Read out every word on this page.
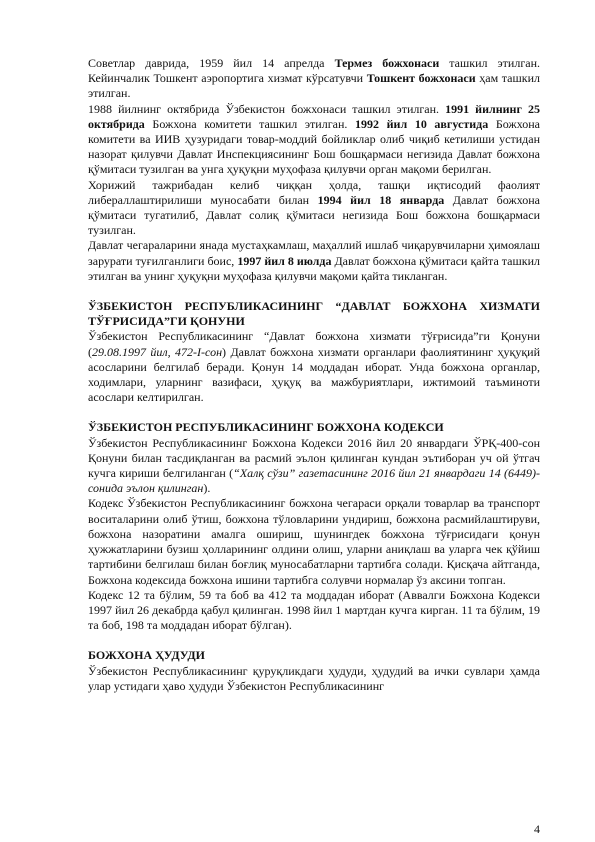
Советлар даврида, 1959 йил 14 апрелда Термез божхонаси ташкил этилган. Кейинчалик Тошкент аэропортига хизмат кўрсатувчи Тошкент божхонаси ҳам ташкил этилган.

1988 йилнинг октябрида Ўзбекистон божхонаси ташкил этилган. 1991 йилнинг 25 октябрида Божхона комитети ташкил этилган. 1992 йил 10 августида Божхона комитети ва ИИВ ҳузуридаги товар-моддий бойликлар олиб чиқиб кетилиши устидан назорат қилувчи Давлат Инспекциясининг Бош бошқармаси негизида Давлат божхона қўмитаси тузилган ва унга ҳуқуқни муҳофаза қилувчи орган мақоми берилган.

Хорижий тажрибадан келиб чиққан ҳолда, ташқи иқтисодий фаолият либераллаштирилиши муносабати билан 1994 йил 18 январда Давлат божхона қўмитаси тугатилиб, Давлат солиқ қўмитаси негизида Бош божхона бошқармаси тузилган.

Давлат чегараларини янада мустаҳкамлаш, маҳаллий ишлаб чиқарувчиларни ҳимоялаш зарурати туғилганлиги боис, 1997 йил 8 июлда Давлат божхона қўмитаси қайта ташкил этилган ва унинг ҳуқуқни муҳофаза қилувчи мақоми қайта тикланган.

ЎЗБЕКИСТОН РЕСПУБЛИКАСИНИНГ “ДАВЛАТ БОЖХОНА ХИЗМАТИ ТЎҒРИСИДА”ГИ ҚОНУНИ

Ўзбекистон Республикасининг “Давлат божхона хизмати тўғрисида”ги Қонуни (29.08.1997 йил, 472-I-сон) Давлат божхона хизмати органлари фаолиятининг ҳуқуқий асосларини белгилаб беради. Қонун 14 моддадан иборат. Унда божхона органлар, ходимлари, уларнинг вазифаси, ҳуқуқ ва мажбуриятлари, ижтимоий таъминоти асослари келтирилган.

ЎЗБЕКИСТОН РЕСПУБЛИКАСИНИНГ БОЖХОНА КОДЕКСИ

Ўзбекистон Республикасининг Божхона Кодекси 2016 йил 20 январдаги ЎРҚ-400-сон Қонуни билан тасдиқланган ва расмий эълон қилинган кундан эътиборан уч ой ўтгач кучга кириши белгиланган (“Халқ сўзи” газетасининг 2016 йил 21 январдаги 14 (6449)-сонида эълон қилинган).

Кодекс Ўзбекистон Республикасининг божхона чегараси орқали товарлар ва транспорт воситаларини олиб ўтиш, божхона тўловларини ундириш, божхона расмийлаштируви, божхона назоратини амалга ошириш, шунингдек божхона тўғрисидаги қонун ҳужжатларини бузиш ҳолларининг олдини олиш, уларни аниқлаш ва уларга чек қўйиш тартибини белгилаш билан боғлиқ муносабатларни тартибга солади. Қисқача айтганда, Божхона кодексида божхона ишини тартибга солувчи нормалар ўз аксини топган.

Кодекс 12 та бўлим, 59 та боб ва 412 та моддадан иборат (Аввалги Божхона Кодекси 1997 йил 26 декабрда қабул қилинган. 1998 йил 1 мартдан кучга кирган. 11 та бўлим, 19 та боб, 198 та моддадан иборат бўлган).

БОЖХОНА ҲУДУДИ

Ўзбекистон Республикасининг қуруқликдаги ҳудуди, ҳудудий ва ички сувлари ҳамда улар устидаги ҳаво ҳудуди Ўзбекистон Республикасининг

4
